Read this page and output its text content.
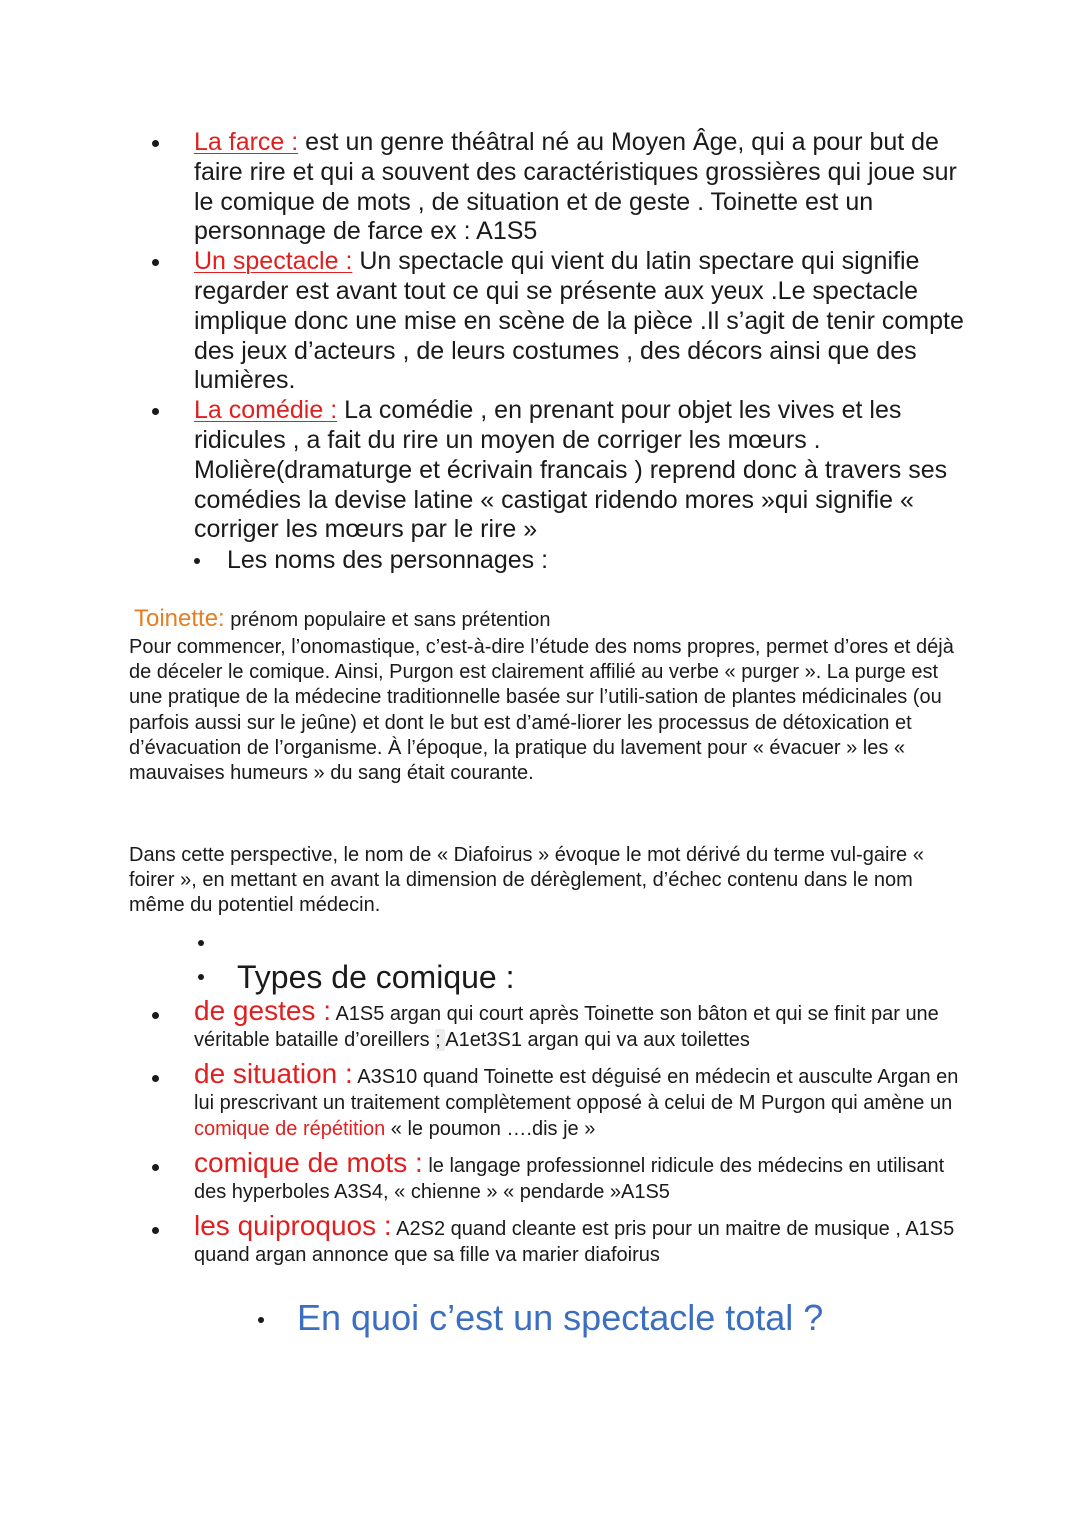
La farce : est un genre théâtral né au Moyen Âge, qui a pour but de faire rire et qui a souvent des caractéristiques grossières qui joue sur le comique de mots , de situation et de geste . Toinette est un personnage de farce ex : A1S5
Un spectacle : Un spectacle qui vient du latin spectare qui signifie regarder est avant tout ce qui se présente aux yeux .Le spectacle implique donc une mise en scène de la pièce .Il s’agit de tenir compte des jeux d’acteurs , de leurs costumes , des décors ainsi que des lumières.
La comédie : La comédie , en prenant pour objet les vives et les ridicules , a fait du rire un moyen de corriger les mœurs . Molière(dramaturge et écrivain francais ) reprend donc à travers ses comédies la devise latine « castigat ridendo mores »qui signifie « corriger les mœurs par le rire »
Les noms des personnages :
Toinette: prénom populaire et sans prétention

Pour commencer, l’onomastique, c’est-à-dire l’étude des noms propres, permet d’ores et déjà de déceler le comique. Ainsi, Purgon est clairement affilié au verbe « purger ». La purge est une pratique de la médecine traditionnelle basée sur l’utili-sation de plantes médicinales (ou parfois aussi sur le jeûne) et dont le but est d’amé-liorer les processus de détoxication et d’évacuation de l’organisme. À l’époque, la pratique du lavement pour « évacuer » les « mauvaises humeurs » du sang était courante.

Dans cette perspective, le nom de « Diafoirus » évoque le mot dérivé du terme vul-gaire « foirer », en mettant en avant la dimension de dérèglement, d’échec contenu dans le nom même du potentiel médecin.

Types de comique :
de gestes : A1S5 argan qui court après Toinette son bâton et qui se finit par une véritable bataille d’oreillers ; A1et3S1 argan qui va aux toilettes
de situation : A3S10 quand Toinette est déguisé en médecin et ausculte Argan en lui prescrivant un traitement complètement opposé à celui de M Purgon qui amène un comique de répétition « le poumon ….dis je »
comique de mots : le langage professionnel ridicule des médecins en utilisant des hyperboles A3S4, « chienne » « pendarde »A1S5
les quiproquos : A2S2 quand cleante est pris pour un maitre de musique , A1S5 quand argan annonce que sa fille va marier diafoirus
En quoi c’est un spectacle total ?
